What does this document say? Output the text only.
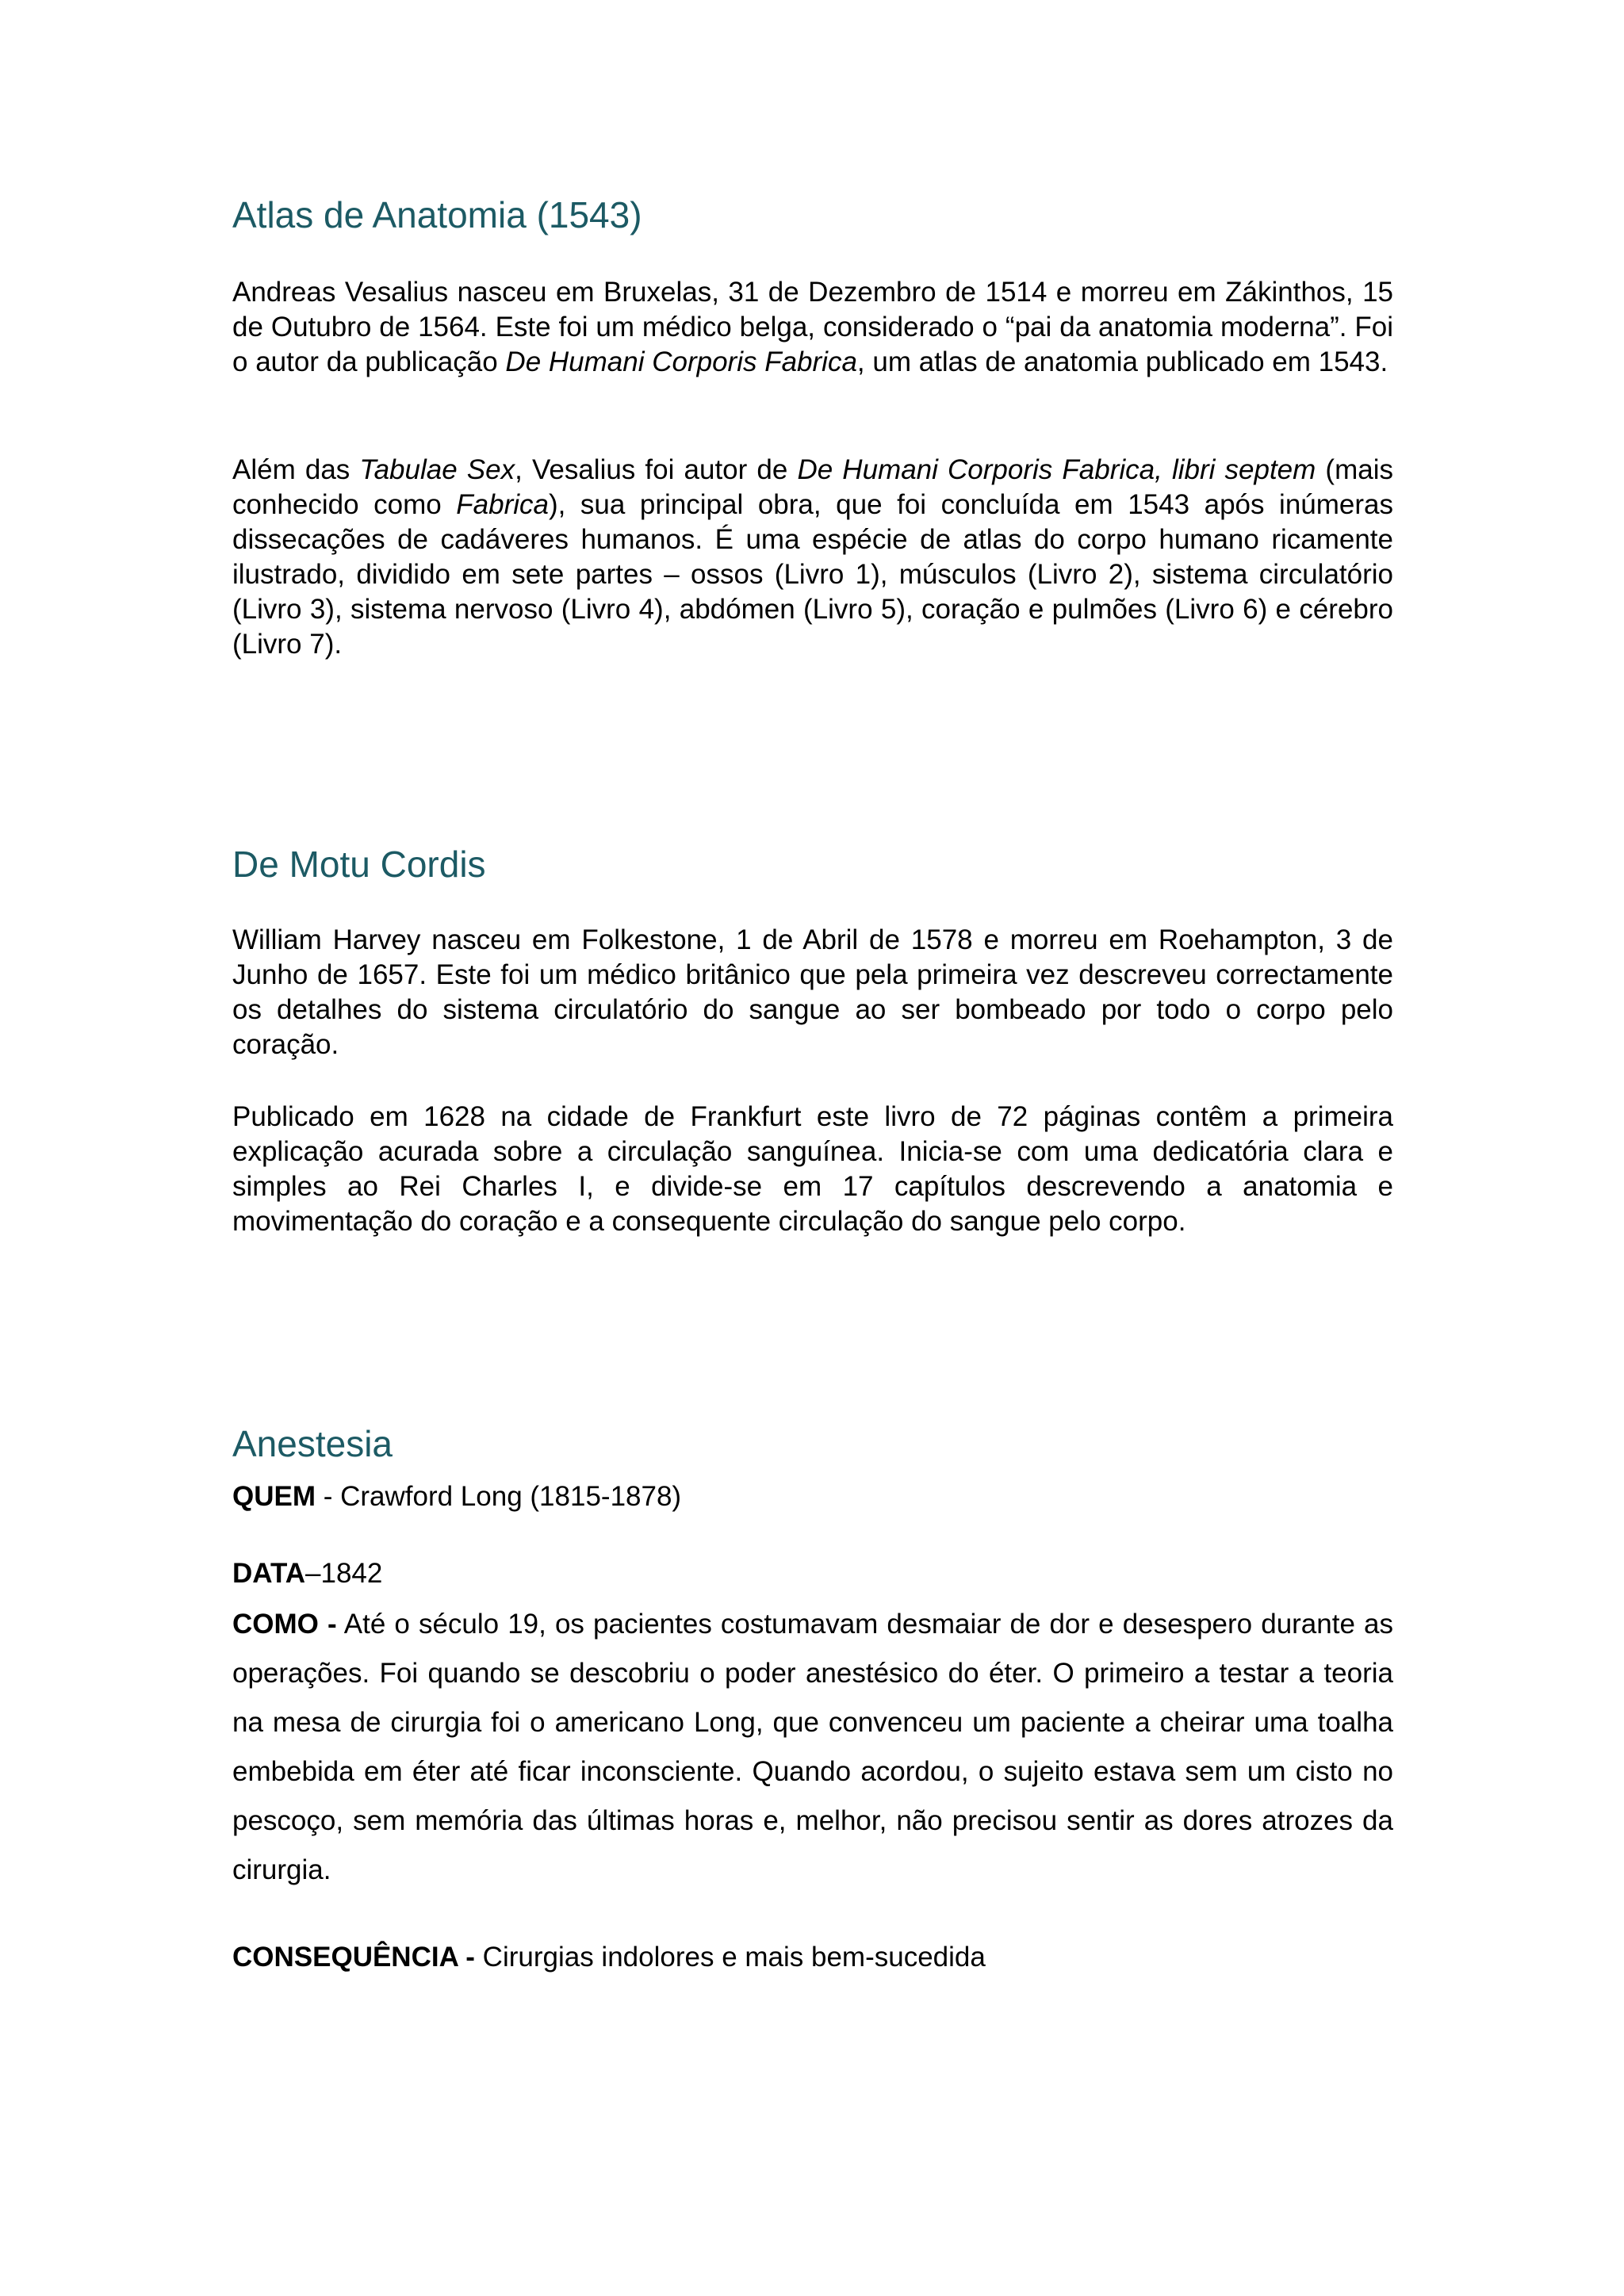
Atlas de Anatomia (1543)

Andreas Vesalius nasceu em Bruxelas, 31 de Dezembro de 1514 e morreu em Zákinthos, 15 de Outubro de 1564. Este foi um médico belga, considerado o “pai da anatomia moderna”. Foi o autor da publicação De Humani Corporis Fabrica, um atlas de anatomia publicado em 1543.

Além das Tabulae Sex, Vesalius foi autor de De Humani Corporis Fabrica, libri septem (mais conhecido como Fabrica), sua principal obra, que foi concluída em 1543 após inúmeras dissecações de cadáveres humanos. É uma espécie de atlas do corpo humano ricamente ilustrado, dividido em sete partes – ossos (Livro 1), músculos (Livro 2), sistema circulatório (Livro 3), sistema nervoso (Livro 4), abdómen (Livro 5), coração e pulmões (Livro 6) e cérebro (Livro 7).

De Motu Cordis

William Harvey nasceu em Folkestone, 1 de Abril de 1578 e morreu em Roehampton, 3 de Junho de 1657. Este foi um médico britânico que pela primeira vez descreveu correctamente os detalhes do sistema circulatório do sangue ao ser bombeado por todo o corpo pelo coração.

Publicado em 1628 na cidade de Frankfurt este livro de 72 páginas contêm a primeira explicação acurada sobre a circulação sanguínea. Inicia-se com uma dedicatória clara e simples ao Rei Charles I, e divide-se em 17 capítulos descrevendo a anatomia e movimentação do coração e a consequente circulação do sangue pelo corpo.

Anestesia

QUEM - Crawford Long (1815-1878)

DATA–1842

COMO - Até o século 19, os pacientes costumavam desmaiar de dor e desespero durante as operações. Foi quando se descobriu o poder anestésico do éter. O primeiro a testar a teoria na mesa de cirurgia foi o americano Long, que convenceu um paciente a cheirar uma toalha embebida em éter até ficar inconsciente. Quando acordou, o sujeito estava sem um cisto no pescoço, sem memória das últimas horas e, melhor, não precisou sentir as dores atrozes da cirurgia.

CONSEQUÊNCIA - Cirurgias indolores e mais bem-sucedida
